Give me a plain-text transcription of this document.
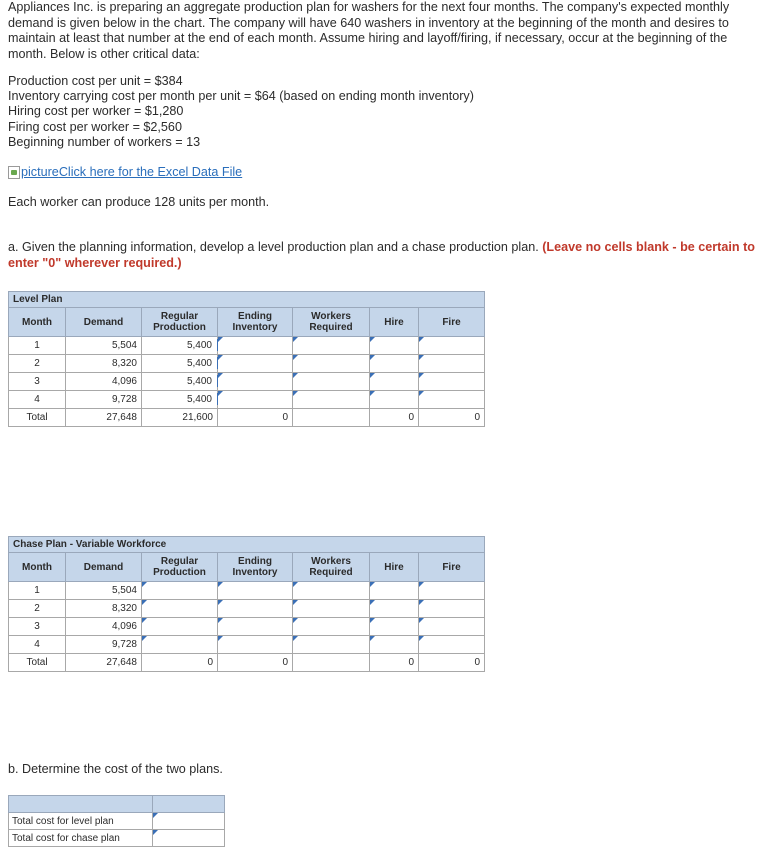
Appliances Inc. is preparing an aggregate production plan for washers for the next four months. The company's expected monthly demand is given below in the chart. The company will have 640 washers in inventory at the beginning of the month and desires to maintain at least that number at the end of each month. Assume hiring and layoff/firing, if necessary, occur at the beginning of the month. Below is other critical data:
Production cost per unit = $384
Inventory carrying cost per month per unit = $64 (based on ending month inventory)
Hiring cost per worker = $1,280
Firing cost per worker = $2,560
Beginning number of workers = 13
pictureClick here for the Excel Data File
Each worker can produce 128 units per month.
a. Given the planning information, develop a level production plan and a chase production plan. (Leave no cells blank - be certain to enter "0" wherever required.)
Level Plan						
Month	Demand	Regular Production	Ending Inventory	Workers Required	Hire	Fire
1	5,504	5,400				
2	8,320	5,400				
3	4,096	5,400				
4	9,728	5,400				
Total	27,648	21,600	0		0	0
Chase Plan - Variable Workforce						
Month	Demand	Regular Production	Ending Inventory	Workers Required	Hire	Fire
1	5,504					
2	8,320					
3	4,096					
4	9,728					
Total	27,648	0	0		0	0
b. Determine the cost of the two plans.

Total cost for level plan	
Total cost for chase plan	
